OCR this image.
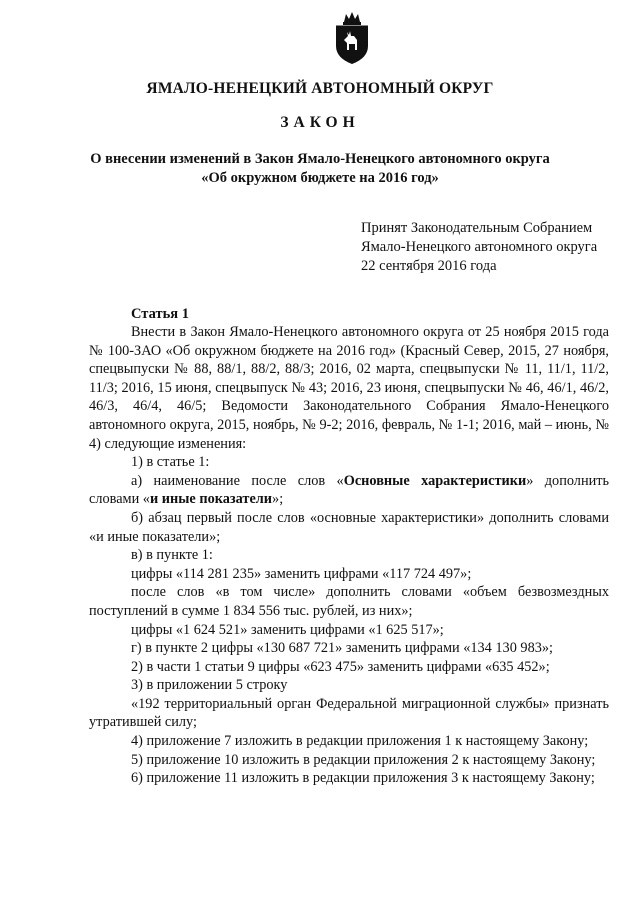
ЯМАЛО-НЕНЕЦКИЙ АВТОНОМНЫЙ ОКРУГ
ЗАКОН
О внесении изменений в Закон Ямало-Ненецкого автономного округа
«Об окружном бюджете на 2016 год»
Принят Законодательным Собранием
Ямало-Ненецкого автономного округа
22 сентября 2016 года
Статья 1

Внести в Закон Ямало-Ненецкого автономного округа от 25 ноября 2015 года № 100-ЗАО «Об окружном бюджете на 2016 год» (Красный Север, 2015, 27 ноября, спецвыпуски № 88, 88/1, 88/2, 88/3; 2016, 02 марта, спецвыпуски № 11, 11/1, 11/2, 11/3; 2016, 15 июня, спецвыпуск № 43; 2016, 23 июня, спецвыпуски № 46, 46/1, 46/2, 46/3, 46/4, 46/5; Ведомости Законодательного Собрания Ямало-Ненецкого автономного округа, 2015, ноябрь, № 9-2; 2016, февраль, № 1-1; 2016, май – июнь, № 4) следующие изменения:

1) в статье 1:

а) наименование после слов «Основные характеристики» дополнить словами «и иные показатели»;

б) абзац первый после слов «основные характеристики» дополнить словами «и иные показатели»;

в) в пункте 1:

цифры «114 281 235» заменить цифрами «117 724 497»;

после слов «в том числе» дополнить словами «объем безвозмездных поступлений в сумме 1 834 556 тыс. рублей, из них»;

цифры «1 624 521» заменить цифрами «1 625 517»;

г) в пункте 2 цифры «130 687 721» заменить цифрами «134 130 983»;

2) в части 1 статьи 9 цифры «623 475» заменить цифрами «635 452»;

3) в приложении 5 строку

«192 территориальный орган Федеральной миграционной службы» признать утратившей силу;

4) приложение 7 изложить в редакции приложения 1 к настоящему Закону;

5) приложение 10 изложить в редакции приложения 2 к настоящему Закону;

6) приложение 11 изложить в редакции приложения 3 к настоящему Закону;
